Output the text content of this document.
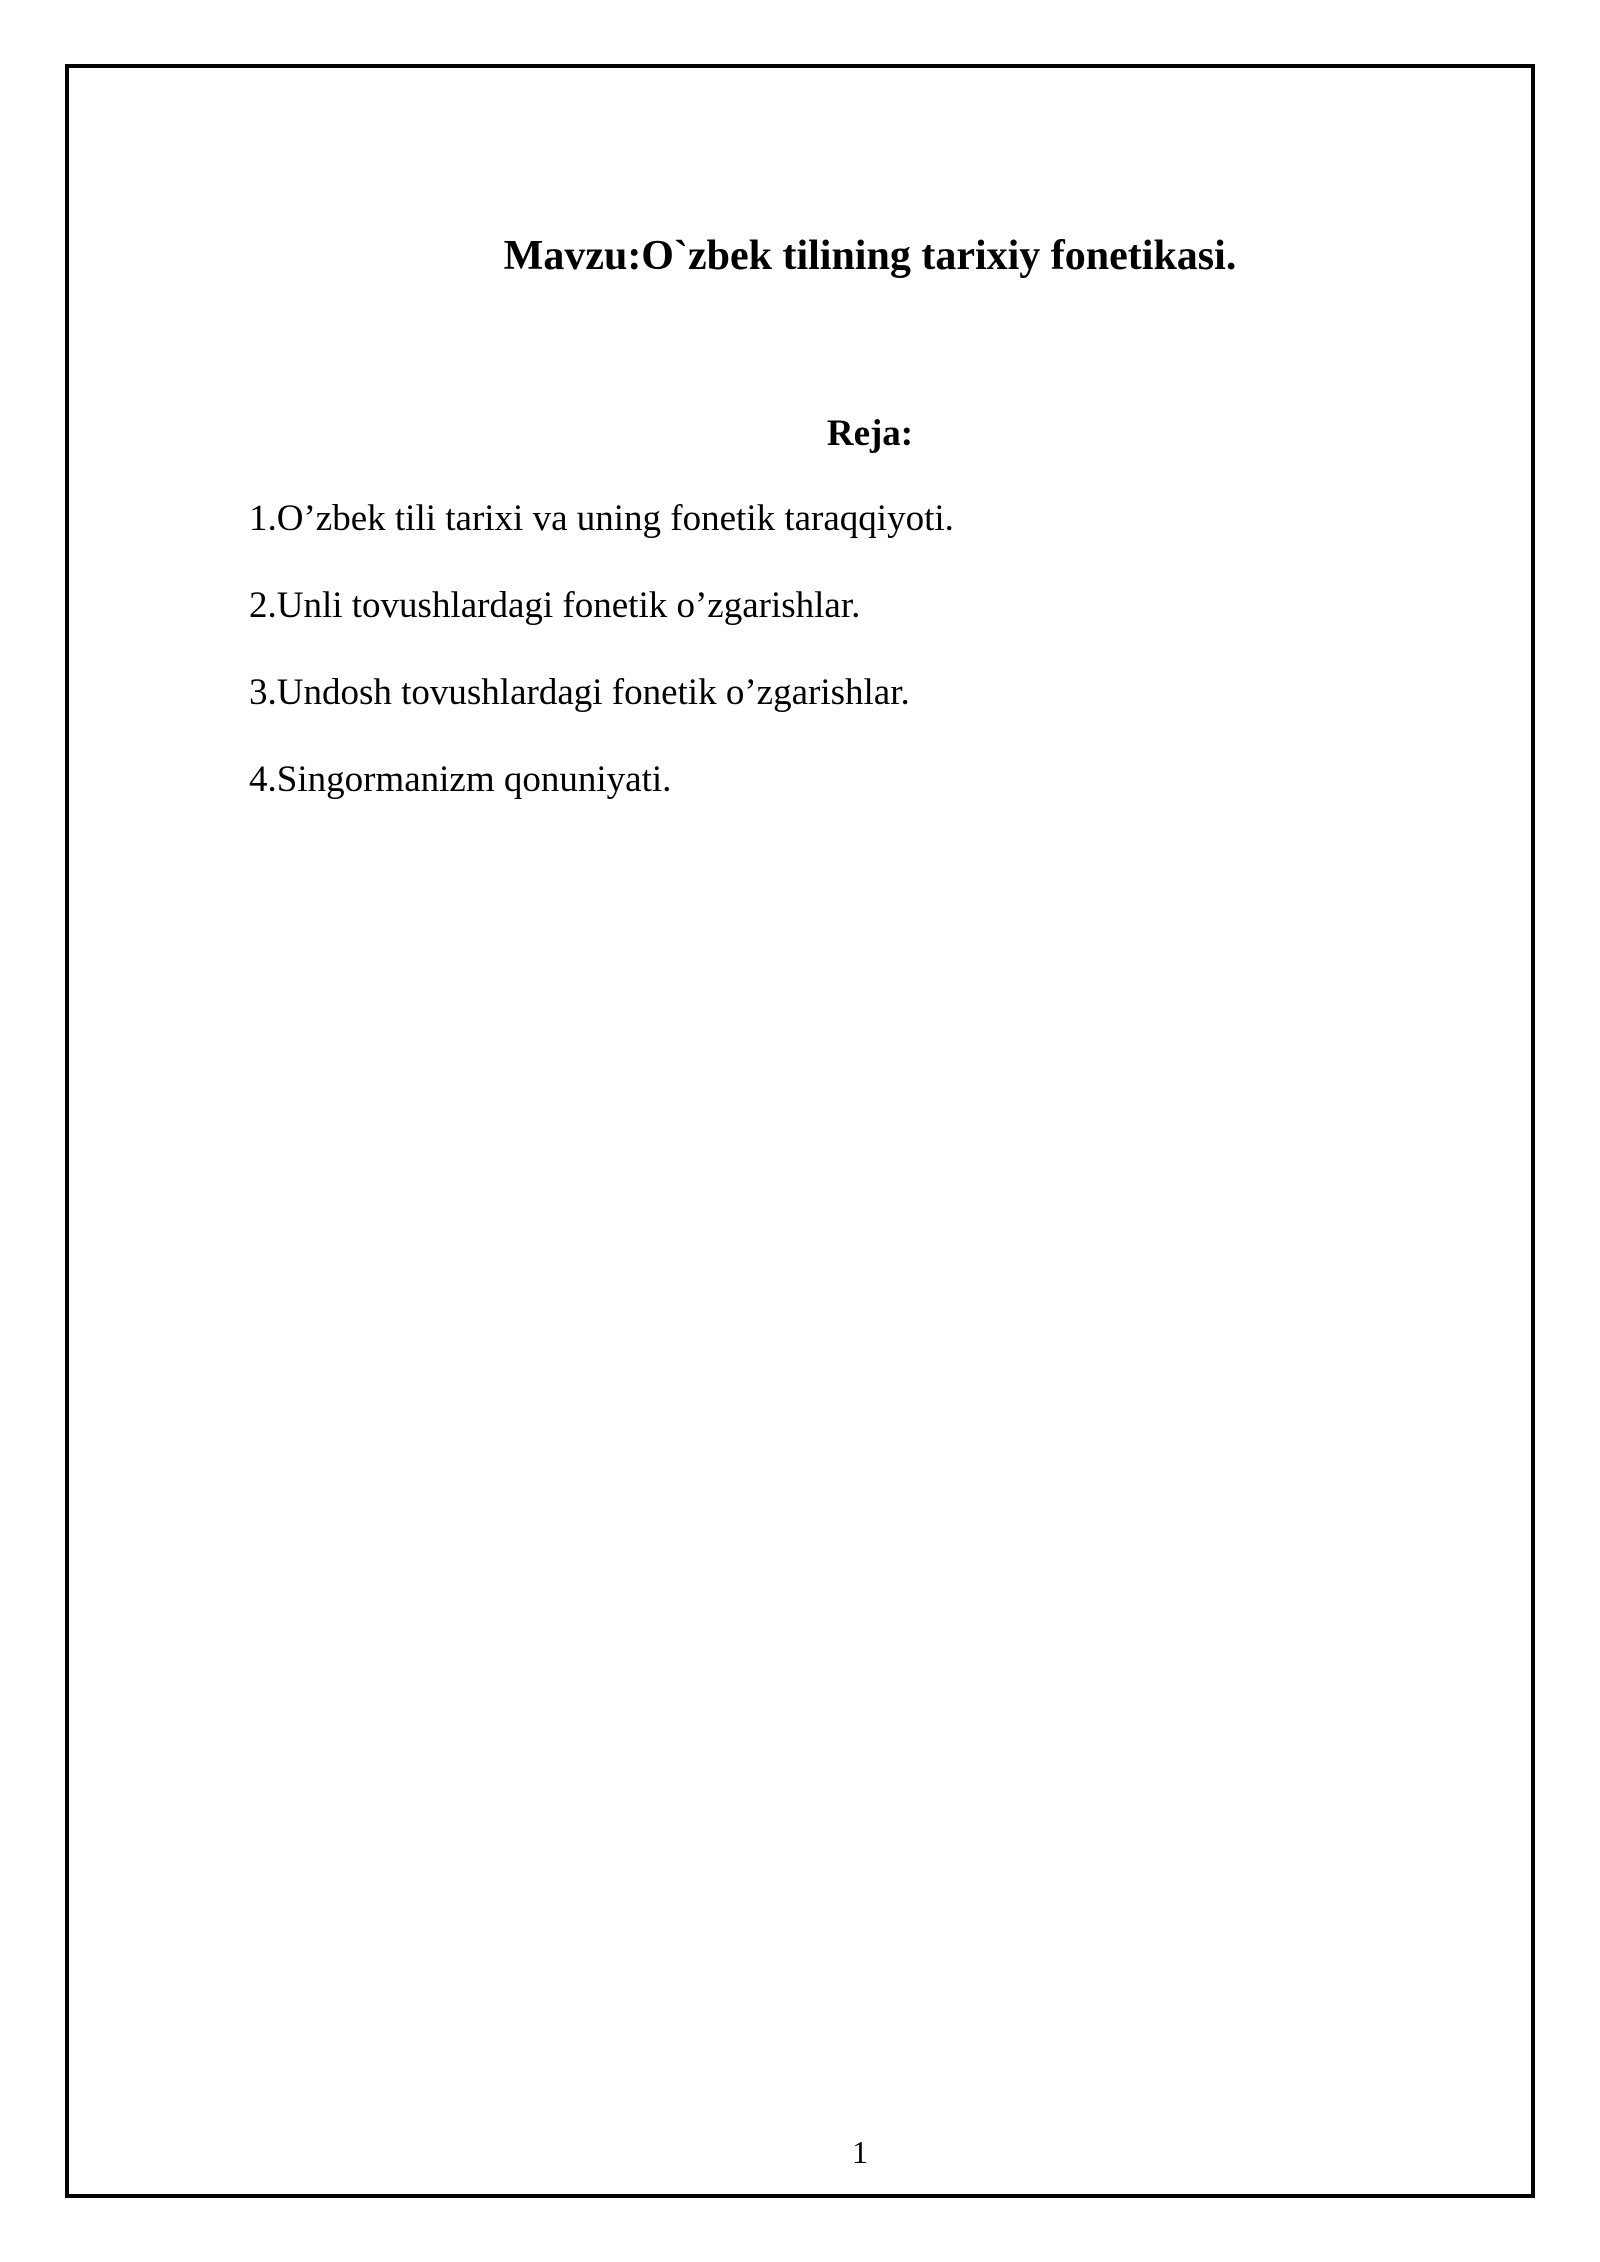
Mavzu:O`zbek tilining tarixiy fonetikasi.
Reja:
1.O’zbek tili tarixi va uning fonetik taraqqiyoti.
2.Unli tovushlardagi fonetik o’zgarishlar.
3.Undosh tovushlardagi fonetik o’zgarishlar.
4.Singormanizm qonuniyati.
1
